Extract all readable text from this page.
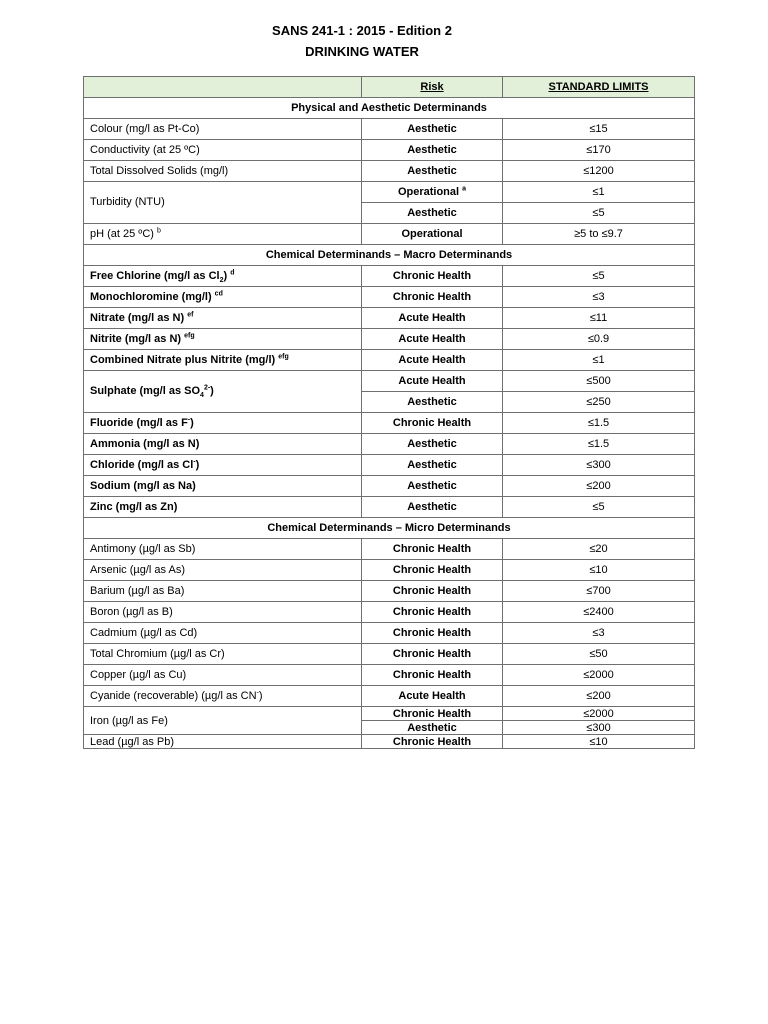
SANS 241-1 : 2015 - Edition 2
DRINKING WATER
	Risk	STANDARD LIMITS
Physical and Aesthetic Determinands		
Colour (mg/l as Pt-Co)	Aesthetic	≤15
Conductivity (at 25 ºC)	Aesthetic	≤170
Total Dissolved Solids (mg/l)	Aesthetic	≤1200
Turbidity (NTU)	Operational $^a$	≤1
	Aesthetic	≤5
pH (at 25 ºC) $^b$	Operational	≥5 to ≤9.7
Chemical Determinands – Macro Determinands		
Free Chlorine (mg/l as $Cl_2$) $^d$	Chronic Health	≤5
Monochloromine (mg/l) $^{cd}$	Chronic Health	≤3
Nitrate (mg/l as N) $^{ef}$	Acute Health	≤11
Nitrite (mg/l as N) $^{efg}$	Acute Health	≤0.9
Combined Nitrate plus Nitrite (mg/l) $^{efg}$	Acute Health	≤1
Sulphate (mg/l as $SO_4^{2-}$)	Acute Health	≤500
	Aesthetic	≤250
Fluoride (mg/l as F-)	Chronic Health	≤1.5
Ammonia (mg/l as N)	Aesthetic	≤1.5
Chloride (mg/l as Cl-)	Aesthetic	≤300
Sodium (mg/l as Na)	Aesthetic	≤200
Zinc (mg/l as Zn)	Aesthetic	≤5
Chemical Determinands – Micro Determinands		
Antimony (µg/l as Sb)	Chronic Health	≤20
Arsenic (µg/l as As)	Chronic Health	≤10
Barium (µg/l as Ba)	Chronic Health	≤700
Boron (µg/l as B)	Chronic Health	≤2400
Cadmium (µg/l as Cd)	Chronic Health	≤3
Total Chromium (µg/l as Cr)	Chronic Health	≤50
Copper (µg/l as Cu)	Chronic Health	≤2000
Cyanide (recoverable) (µg/l as CN-)	Acute Health	≤200
Iron (µg/l as Fe)	Chronic Health	≤2000
	Aesthetic	≤300
Lead (µg/l as Pb)	Chronic Health	≤10
